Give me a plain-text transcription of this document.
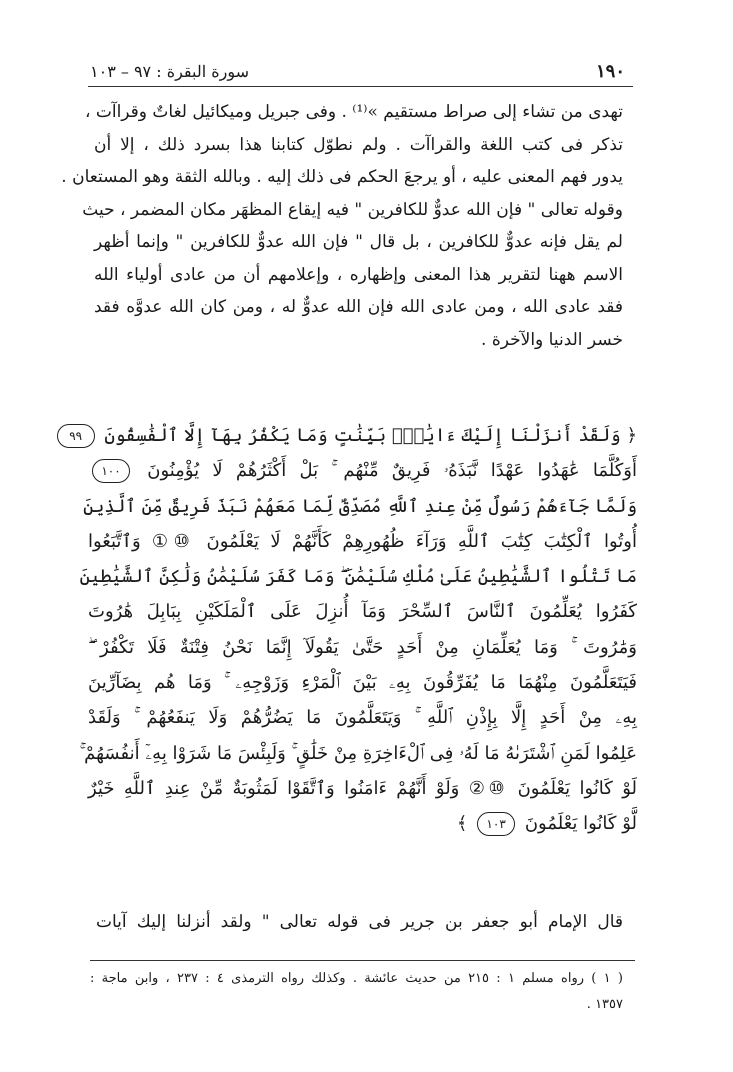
١٩٠
سورة البقرة : ٩٧ – ١٠٣
تهدى من تشاء إلى صراط مستقيم »⁽¹⁾ . وفى جبريل وميكائيل لغاتٌ وقراآت ،
تذكر فى كتب اللغة والقراآت . ولم نطوّل كتابنا هذا بسرد ذلك ، إلا أن
يدور فهم المعنى عليه ، أو يرجعَ الحكم فى ذلك إليه . وبالله الثقة وهو المستعان .
وقوله تعالى " فإن الله عدوٌّ للكافرين " فيه إيقاع المظهَر مكان المضمر ، حيث
لم يقل فإنه عدوٌّ للكافرين ، بل قال " فإن الله عدوٌّ للكافرين " وإنما أظهر
الاسم ههنا لتقرير هذا المعنى وإظهاره ، وإعلامهم أن من عادى أولياء الله
فقد عادى الله ، ومن عادى الله فإن الله عدوٌّ له ، ومن كان الله عدوَّه فقد
خسر الدنيا والآخرة .
﴿ وَلَقَدْ أَنزَلْنَا إِلَيْكَ ءَايَٰتٍۭ بَيِّنَٰتٍ وَمَا يَكْفُرُ بِهَآ إِلَّا ٱلْفَٰسِقُونَ ٩٩
أَوَكُلَّمَا عَٰهَدُوا عَهْدًا نَّبَذَهُۥ فَرِيقٌ مِّنْهُم ۚ بَلْ أَكْثَرُهُمْ لَا يُؤْمِنُونَ ١٠٠
وَلَمَّا جَآءَهُمْ رَسُولٌ مِّنْ عِندِ ٱللَّهِ مُصَدِّقٌ لِّمَا مَعَهُمْ نَبَذَ فَرِيقٌ مِّنَ ٱلَّذِينَ
أُوتُوا ٱلْكِتَٰبَ كِتَٰبَ ٱللَّهِ وَرَآءَ ظُهُورِهِمْ كَأَنَّهُمْ لَا يَعْلَمُونَ ⑩① وَٱتَّبَعُوا
مَا تَتْلُوا ٱلشَّيَٰطِينُ عَلَىٰ مُلْكِ سُلَيْمَٰنَ ۖ وَمَا كَفَرَ سُلَيْمَٰنُ وَلَٰكِنَّ ٱلشَّيَٰطِينَ
كَفَرُوا يُعَلِّمُونَ ٱلنَّاسَ ٱلسِّحْرَ وَمَآ أُنزِلَ عَلَى ٱلْمَلَكَيْنِ بِبَابِلَ هَٰرُوتَ
وَمَٰرُوتَ ۚ وَمَا يُعَلِّمَانِ مِنْ أَحَدٍ حَتَّىٰ يَقُولَآ إِنَّمَا نَحْنُ فِتْنَةٌ فَلَا تَكْفُرْ ۖ
فَيَتَعَلَّمُونَ مِنْهُمَا مَا يُفَرِّقُونَ بِهِۦ بَيْنَ ٱلْمَرْءِ وَزَوْجِهِۦ ۚ وَمَا هُم بِضَآرِّينَ
بِهِۦ مِنْ أَحَدٍ إِلَّا بِإِذْنِ ٱللَّهِ ۚ وَيَتَعَلَّمُونَ مَا يَضُرُّهُمْ وَلَا يَنفَعُهُمْ ۚ وَلَقَدْ
عَلِمُوا لَمَنِ ٱشْتَرَىٰهُ مَا لَهُۥ فِى ٱلْءَاخِرَةِ مِنْ خَلَٰقٍ ۚ وَلَبِئْسَ مَا شَرَوْا بِهِۦٓ أَنفُسَهُمْ ۚ
لَوْ كَانُوا يَعْلَمُونَ ⑩② وَلَوْ أَنَّهُمْ ءَامَنُوا وَٱتَّقَوْا لَمَثُوبَةٌ مِّنْ عِندِ ٱللَّهِ خَيْرٌ
لَّوْ كَانُوا يَعْلَمُونَ ١٠٣ ﴾
قال الإمام أبو جعفر بن جرير فى قوله تعالى " ولقد أنزلنا إليك آيات
( ١ ) رواه مسلم ١ : ٢١٥ من حديث عائشة . وكذلك رواه الترمذى ٤ : ٢٣٧ ، وابن ماجة :
١٣٥٧ .
